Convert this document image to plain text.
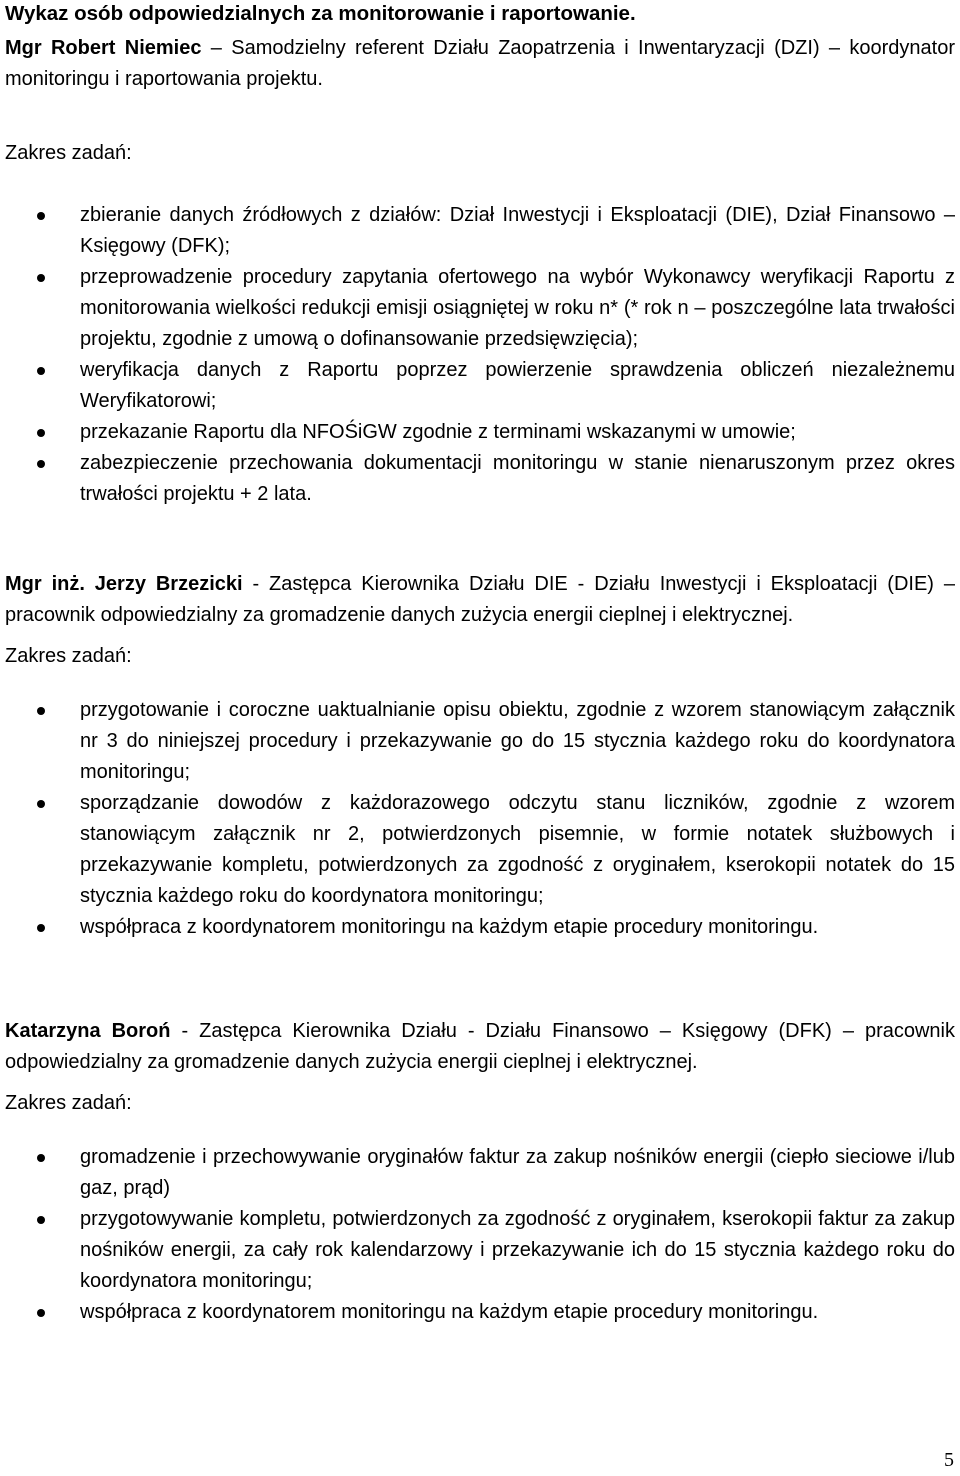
Wykaz osób odpowiedzialnych za monitorowanie i raportowanie.

Mgr Robert Niemiec – Samodzielny referent Działu Zaopatrzenia i Inwentaryzacji (DZI) – koordynator monitoringu i raportowania projektu.

Zakres zadań:

zbieranie danych źródłowych z działów: Dział Inwestycji i Eksploatacji (DIE), Dział Finansowo – Księgowy (DFK);
przeprowadzenie procedury zapytania ofertowego na wybór Wykonawcy weryfikacji Raportu z monitorowania wielkości redukcji emisji osiągniętej w roku n* (* rok n – poszczególne lata trwałości projektu, zgodnie z umową o dofinansowanie przedsięwzięcia);
weryfikacja danych z Raportu poprzez powierzenie sprawdzenia obliczeń niezależnemu Weryfikatorowi;
przekazanie Raportu dla NFOŚiGW zgodnie z terminami wskazanymi w umowie;
zabezpieczenie przechowania dokumentacji monitoringu w stanie nienaruszonym przez okres trwałości projektu + 2 lata.

Mgr inż. Jerzy Brzezicki - Zastępca Kierownika Działu DIE - Działu Inwestycji i Eksploatacji (DIE) – pracownik odpowiedzialny za gromadzenie danych zużycia energii cieplnej i elektrycznej.

Zakres zadań:

przygotowanie i coroczne uaktualnianie opisu obiektu, zgodnie z wzorem stanowiącym załącznik nr 3 do niniejszej procedury i przekazywanie go do 15 stycznia każdego roku do koordynatora monitoringu;
sporządzanie dowodów z każdorazowego odczytu stanu liczników, zgodnie z wzorem stanowiącym załącznik nr 2, potwierdzonych pisemnie, w formie notatek służbowych i przekazywanie kompletu, potwierdzonych za zgodność z oryginałem, kserokopii notatek do 15 stycznia każdego roku do koordynatora monitoringu;
współpraca z koordynatorem monitoringu na każdym etapie procedury monitoringu.

Katarzyna Boroń - Zastępca Kierownika Działu - Działu Finansowo – Księgowy (DFK) – pracownik odpowiedzialny za gromadzenie danych zużycia energii cieplnej i elektrycznej.

Zakres zadań:

gromadzenie i przechowywanie oryginałów faktur za zakup nośników energii (ciepło sieciowe i/lub gaz, prąd)
przygotowywanie kompletu, potwierdzonych za zgodność z oryginałem, kserokopii faktur za zakup nośników energii, za cały rok kalendarzowy i przekazywanie ich do 15 stycznia każdego roku do koordynatora monitoringu;
współpraca z koordynatorem monitoringu na każdym etapie procedury monitoringu.
5
